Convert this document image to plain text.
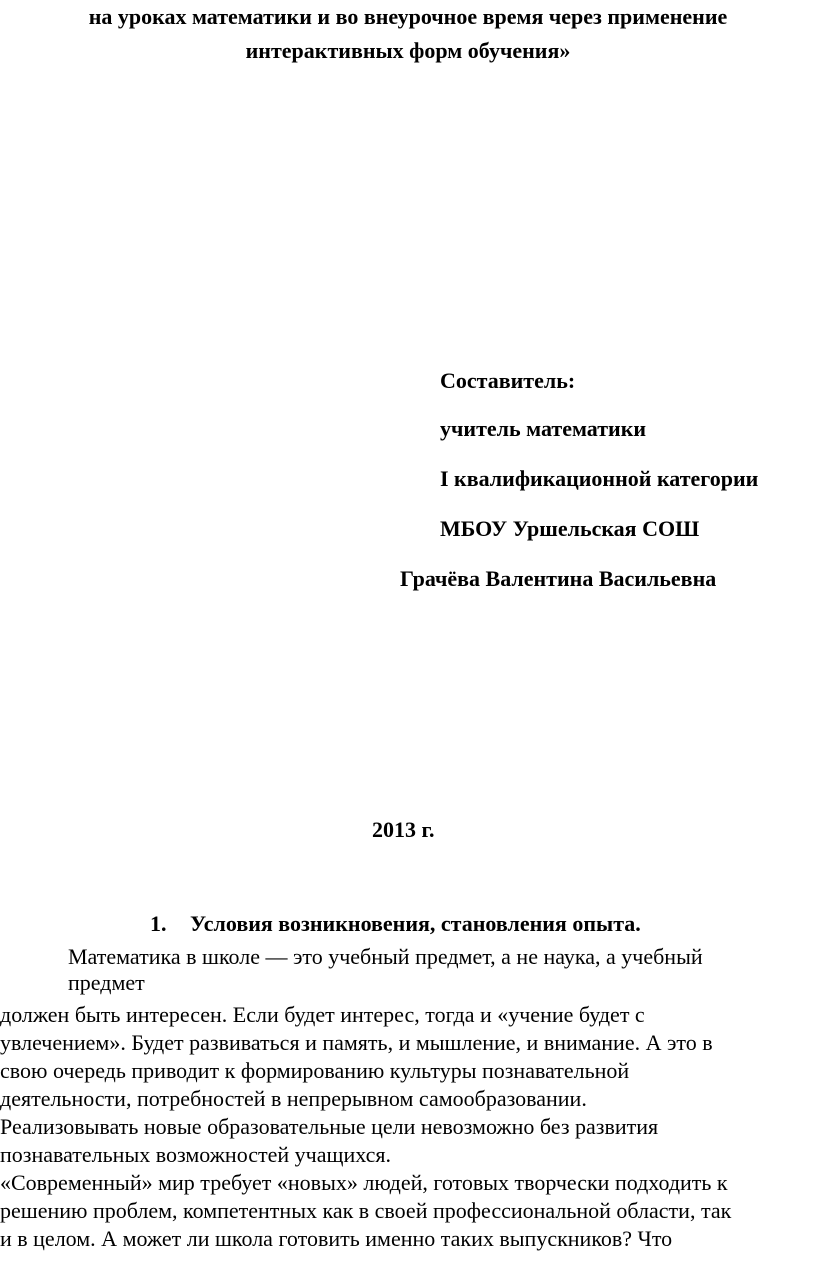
на уроках математики и во внеурочное время через применение
интерактивных форм обучения»
Составитель:
учитель математики
I квалификационной категории
МБОУ Уршельская СОШ
Грачёва Валентина Васильевна
2013 г.
1. Условия возникновения, становления опыта.
Математика в школе — это учебный предмет, а не наука, а учебный
предмет
должен быть интересен. Если будет интерес, тогда и «учение будет с
увлечением». Будет развиваться и память, и мышление, и внимание. А это в
свою очередь приводит к формированию культуры познавательной
деятельности, потребностей в непрерывном самообразовании.
Реализовывать новые образовательные цели невозможно без развития
познавательных возможностей учащихся.
«Современный» мир требует «новых» людей, готовых творчески подходить к
решению проблем, компетентных как в своей профессиональной области, так
и в целом. А может ли школа готовить именно таких выпускников? Что
